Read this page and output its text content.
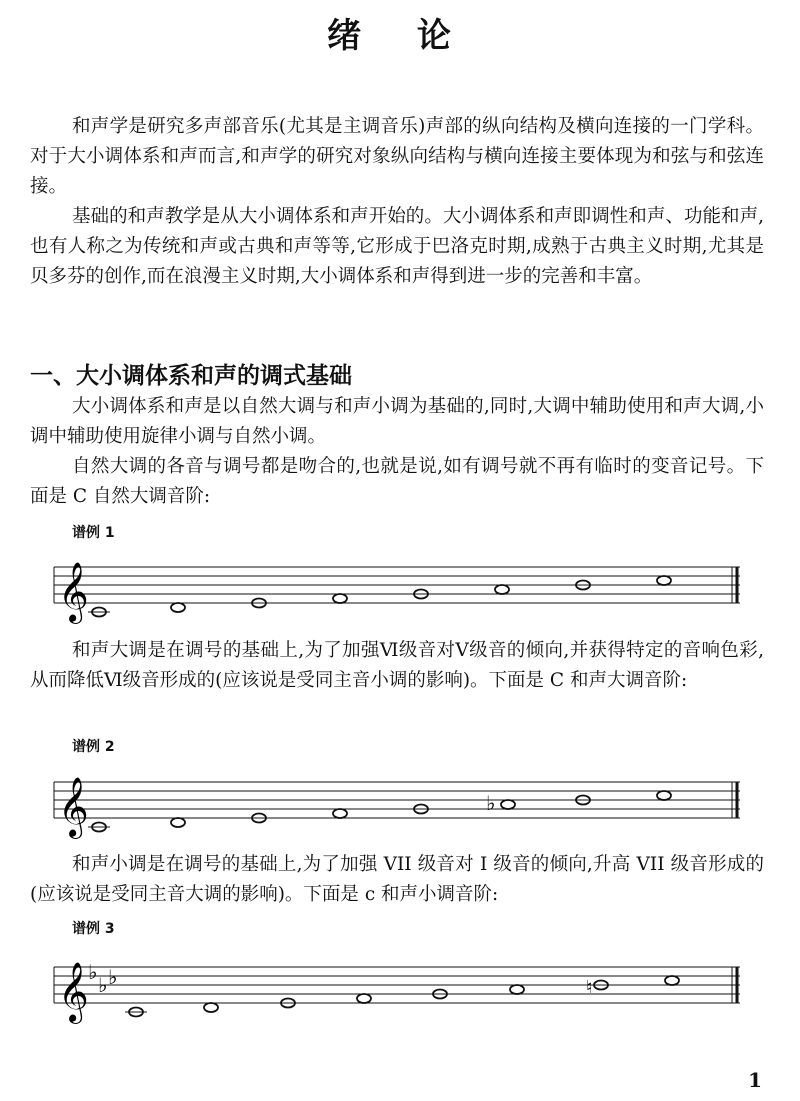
绪 论

和声学是研究多声部音乐(尤其是主调音乐)声部的纵向结构及横向连接的一门学科。对于大小调体系和声而言,和声学的研究对象纵向结构与横向连接主要体现为和弦与和弦连接。

基础的和声教学是从大小调体系和声开始的。大小调体系和声即调性和声、功能和声,也有人称之为传统和声或古典和声等等,它形成于巴洛克时期,成熟于古典主义时期,尤其是贝多芬的创作,而在浪漫主义时期,大小调体系和声得到进一步的完善和丰富。

一、大小调体系和声的调式基础

大小调体系和声是以自然大调与和声小调为基础的,同时,大调中辅助使用和声大调,小调中辅助使用旋律小调与自然小调。

自然大调的各音与调号都是吻合的,也就是说,如有调号就不再有临时的变音记号。下面是 C 自然大调音阶:

谱例 1
𝄞

和声大调是在调号的基础上,为了加强Ⅵ级音对Ⅴ级音的倾向,并获得特定的音响色彩,从而降低Ⅵ级音形成的(应该说是受同主音小调的影响)。下面是 C 和声大调音阶:

谱例 2
𝄞	♭

和声小调是在调号的基础上,为了加强 VII 级音对 I 级音的倾向,升高 VII 级音形成的(应该说是受同主音大调的影响)。下面是 c 和声小调音阶:

谱例 3
𝄞 ♭
♭ ♭	♮
1
